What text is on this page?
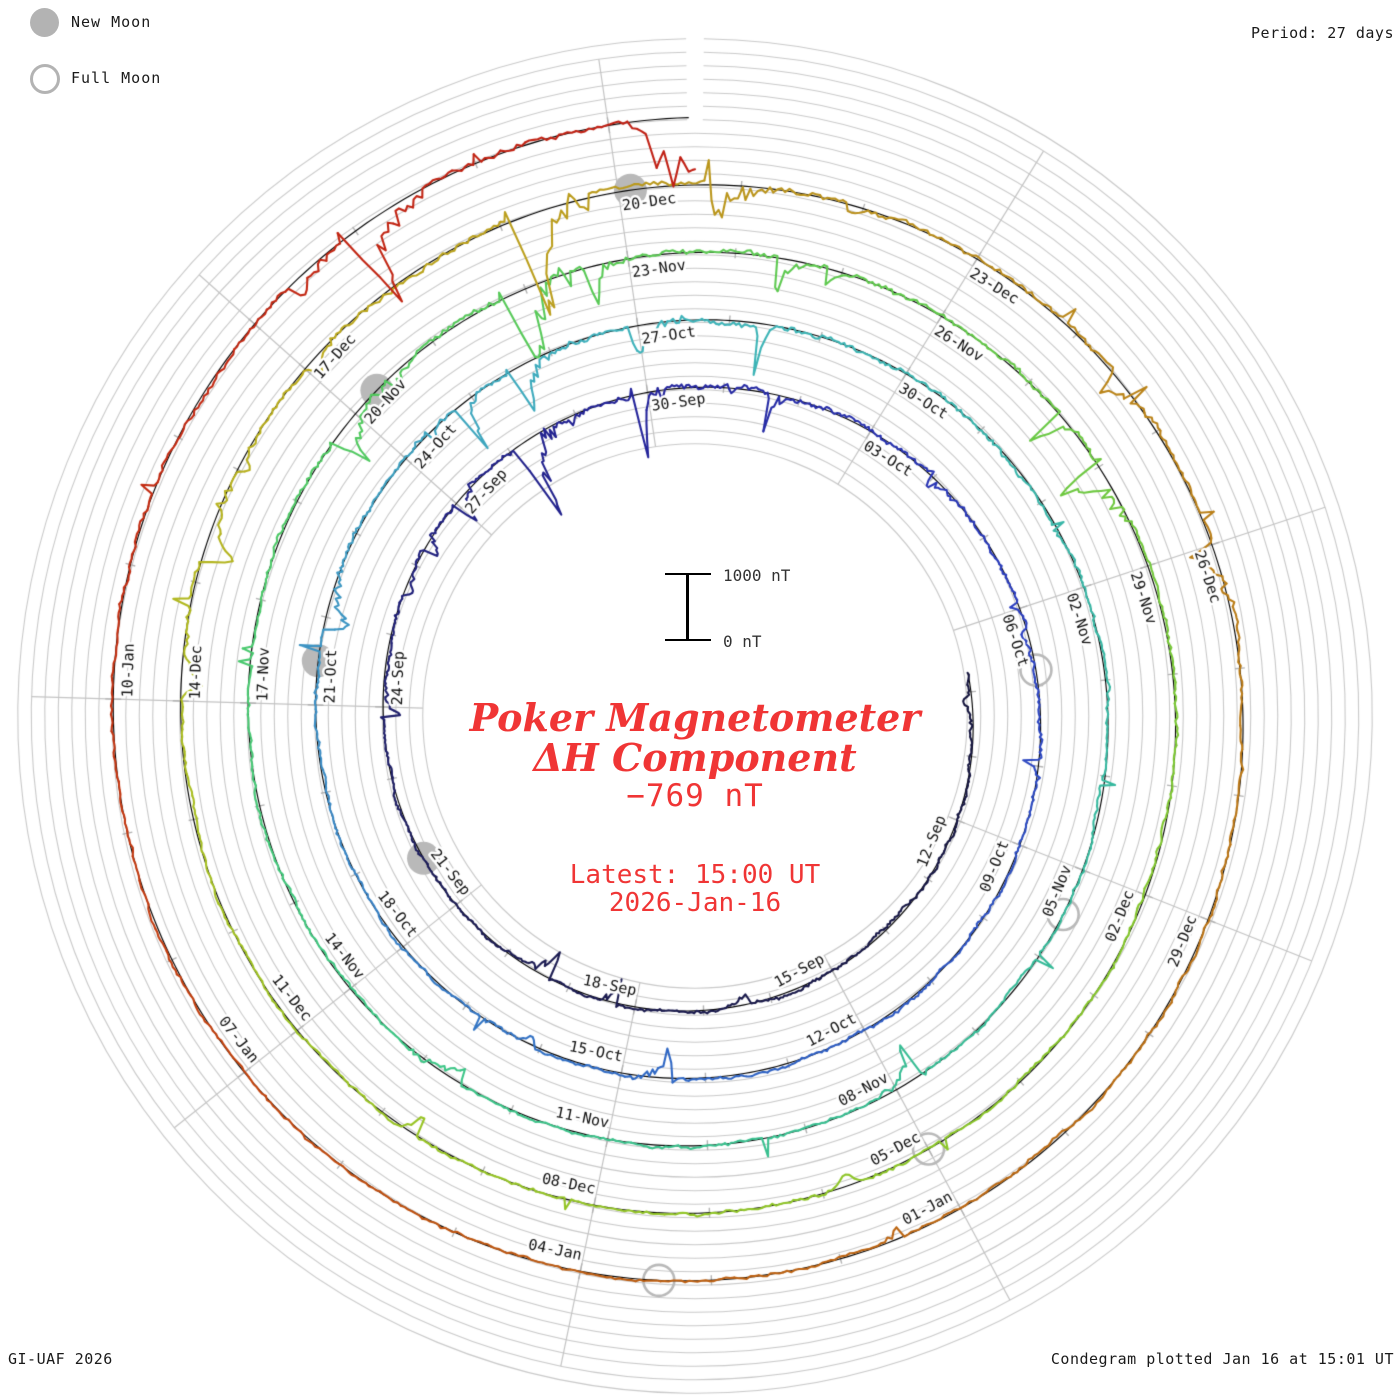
New Moon
Full Moon
Period: 27 days
1000 nT
0 nT
Poker Magnetometer
ΔH Component
−769 nT
Latest: 15:00 UT
2026-Jan-16
GI-UAF 2026	Condegram plotted Jan 16 at 15:01 UT
